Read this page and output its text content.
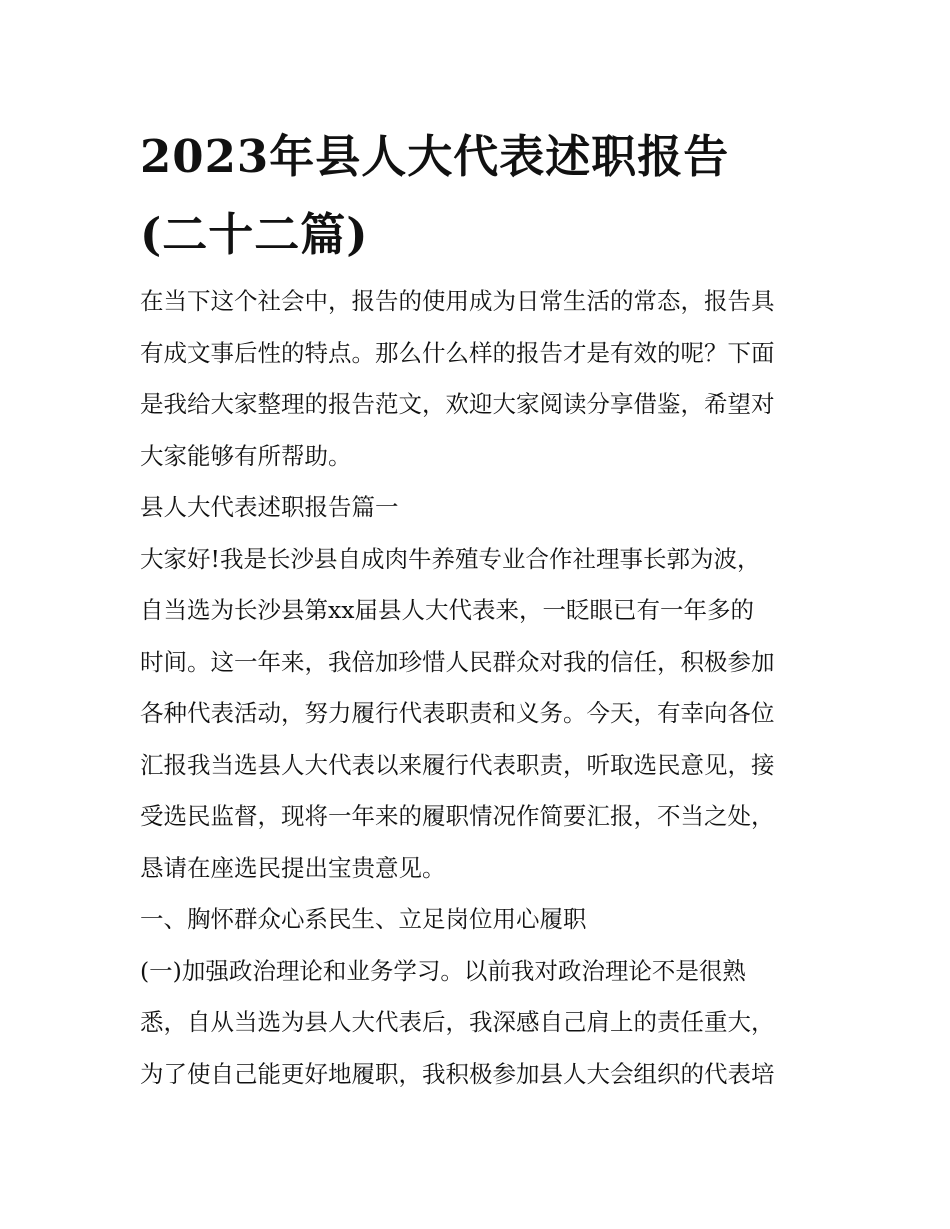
2023年县人大代表述职报告
(二十二篇)
在当下这个社会中，报告的使用成为日常生活的常态，报告具
有成文事后性的特点。那么什么样的报告才是有效的呢？下面
是我给大家整理的报告范文，欢迎大家阅读分享借鉴，希望对
大家能够有所帮助。
县人大代表述职报告篇一
大家好!我是长沙县自成肉牛养殖专业合作社理事长郭为波，
自当选为长沙县第xx届县人大代表来，一眨眼已有一年多的
时间。这一年来，我倍加珍惜人民群众对我的信任，积极参加
各种代表活动，努力履行代表职责和义务。今天，有幸向各位
汇报我当选县人大代表以来履行代表职责，听取选民意见，接
受选民监督，现将一年来的履职情况作简要汇报，不当之处，
恳请在座选民提出宝贵意见。
一、胸怀群众心系民生、立足岗位用心履职
(一)加强政治理论和业务学习。以前我对政治理论不是很熟
悉，自从当选为县人大代表后，我深感自己肩上的责任重大，
为了使自己能更好地履职，我积极参加县人大会组织的代表培
